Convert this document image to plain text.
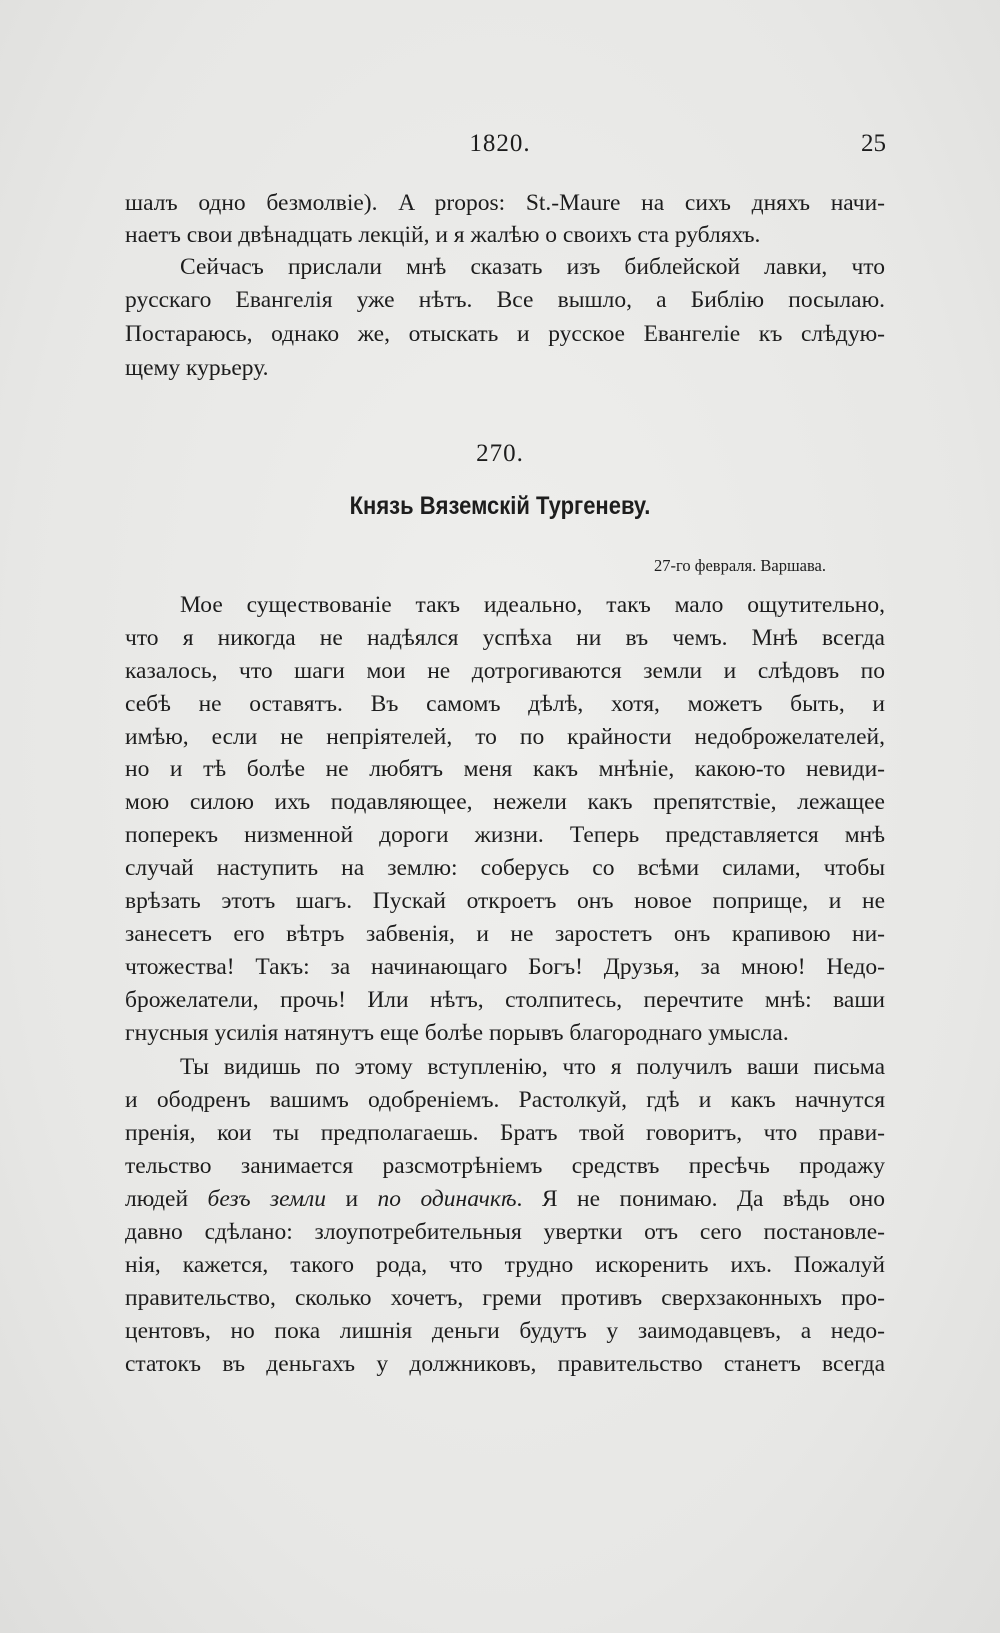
1820.	25
шалъ одно безмолвіе). A propos: St.-Maure на сихъ дняхъ начи-
наетъ свои двѣнадцать лекцій, и я жалѣю о своихъ ста рубляхъ.
Сейчасъ прислали мнѣ сказать изъ библейской лавки, что
русскаго Евангелія уже нѣтъ. Все вышло, а Библію посылаю.
Постараюсь, однако же, отыскать и русское Евангеліе къ слѣдую-
щему курьеру.
270.
Князь Вяземскій Тургеневу.
27-го февраля. Варшава.
Мое существованіе такъ идеально, такъ мало ощутительно,
что я никогда не надѣялся успѣха ни въ чемъ. Мнѣ всегда
казалось, что шаги мои не дотрогиваются земли и слѣдовъ по
себѣ не оставятъ. Въ самомъ дѣлѣ, хотя, можетъ быть, и
имѣю, если не непріятелей, то по крайности недоброжелателей,
но и тѣ болѣе не любятъ меня какъ мнѣніе, какою-то невиди-
мою силою ихъ подавляющее, нежели какъ препятствіе, лежащее
поперекъ низменной дороги жизни. Теперь представляется мнѣ
случай наступить на землю: соберусь со всѣми силами, чтобы
врѣзать этотъ шагъ. Пускай откроетъ онъ новое поприще, и не
занесетъ его вѣтръ забвенія, и не заростетъ онъ крапивою ни-
чтожества! Такъ: за начинающаго Богъ! Друзья, за мною! Недо-
брожелатели, прочь! Или нѣтъ, столпитесь, перечтите мнѣ: ваши
гнусныя усилія натянутъ еще болѣе порывъ благороднаго умысла.
Ты видишь по этому вступленію, что я получилъ ваши письма
и ободренъ вашимъ одобреніемъ. Растолкуй, гдѣ и какъ начнутся
пренія, кои ты предполагаешь. Братъ твой говоритъ, что прави-
тельство занимается разсмотрѣніемъ средствъ пресѣчь продажу
людей безъ земли и по одиначкѣ. Я не понимаю. Да вѣдь оно
давно сдѣлано: злоупотребительныя увертки отъ сего постановле-
нія, кажется, такого рода, что трудно искоренить ихъ. Пожалуй
правительство, сколько хочетъ, греми противъ сверхзаконныхъ про-
центовъ, но пока лишнія деньги будутъ у заимодавцевъ, а недо-
статокъ въ деньгахъ у должниковъ, правительство станетъ всегда
